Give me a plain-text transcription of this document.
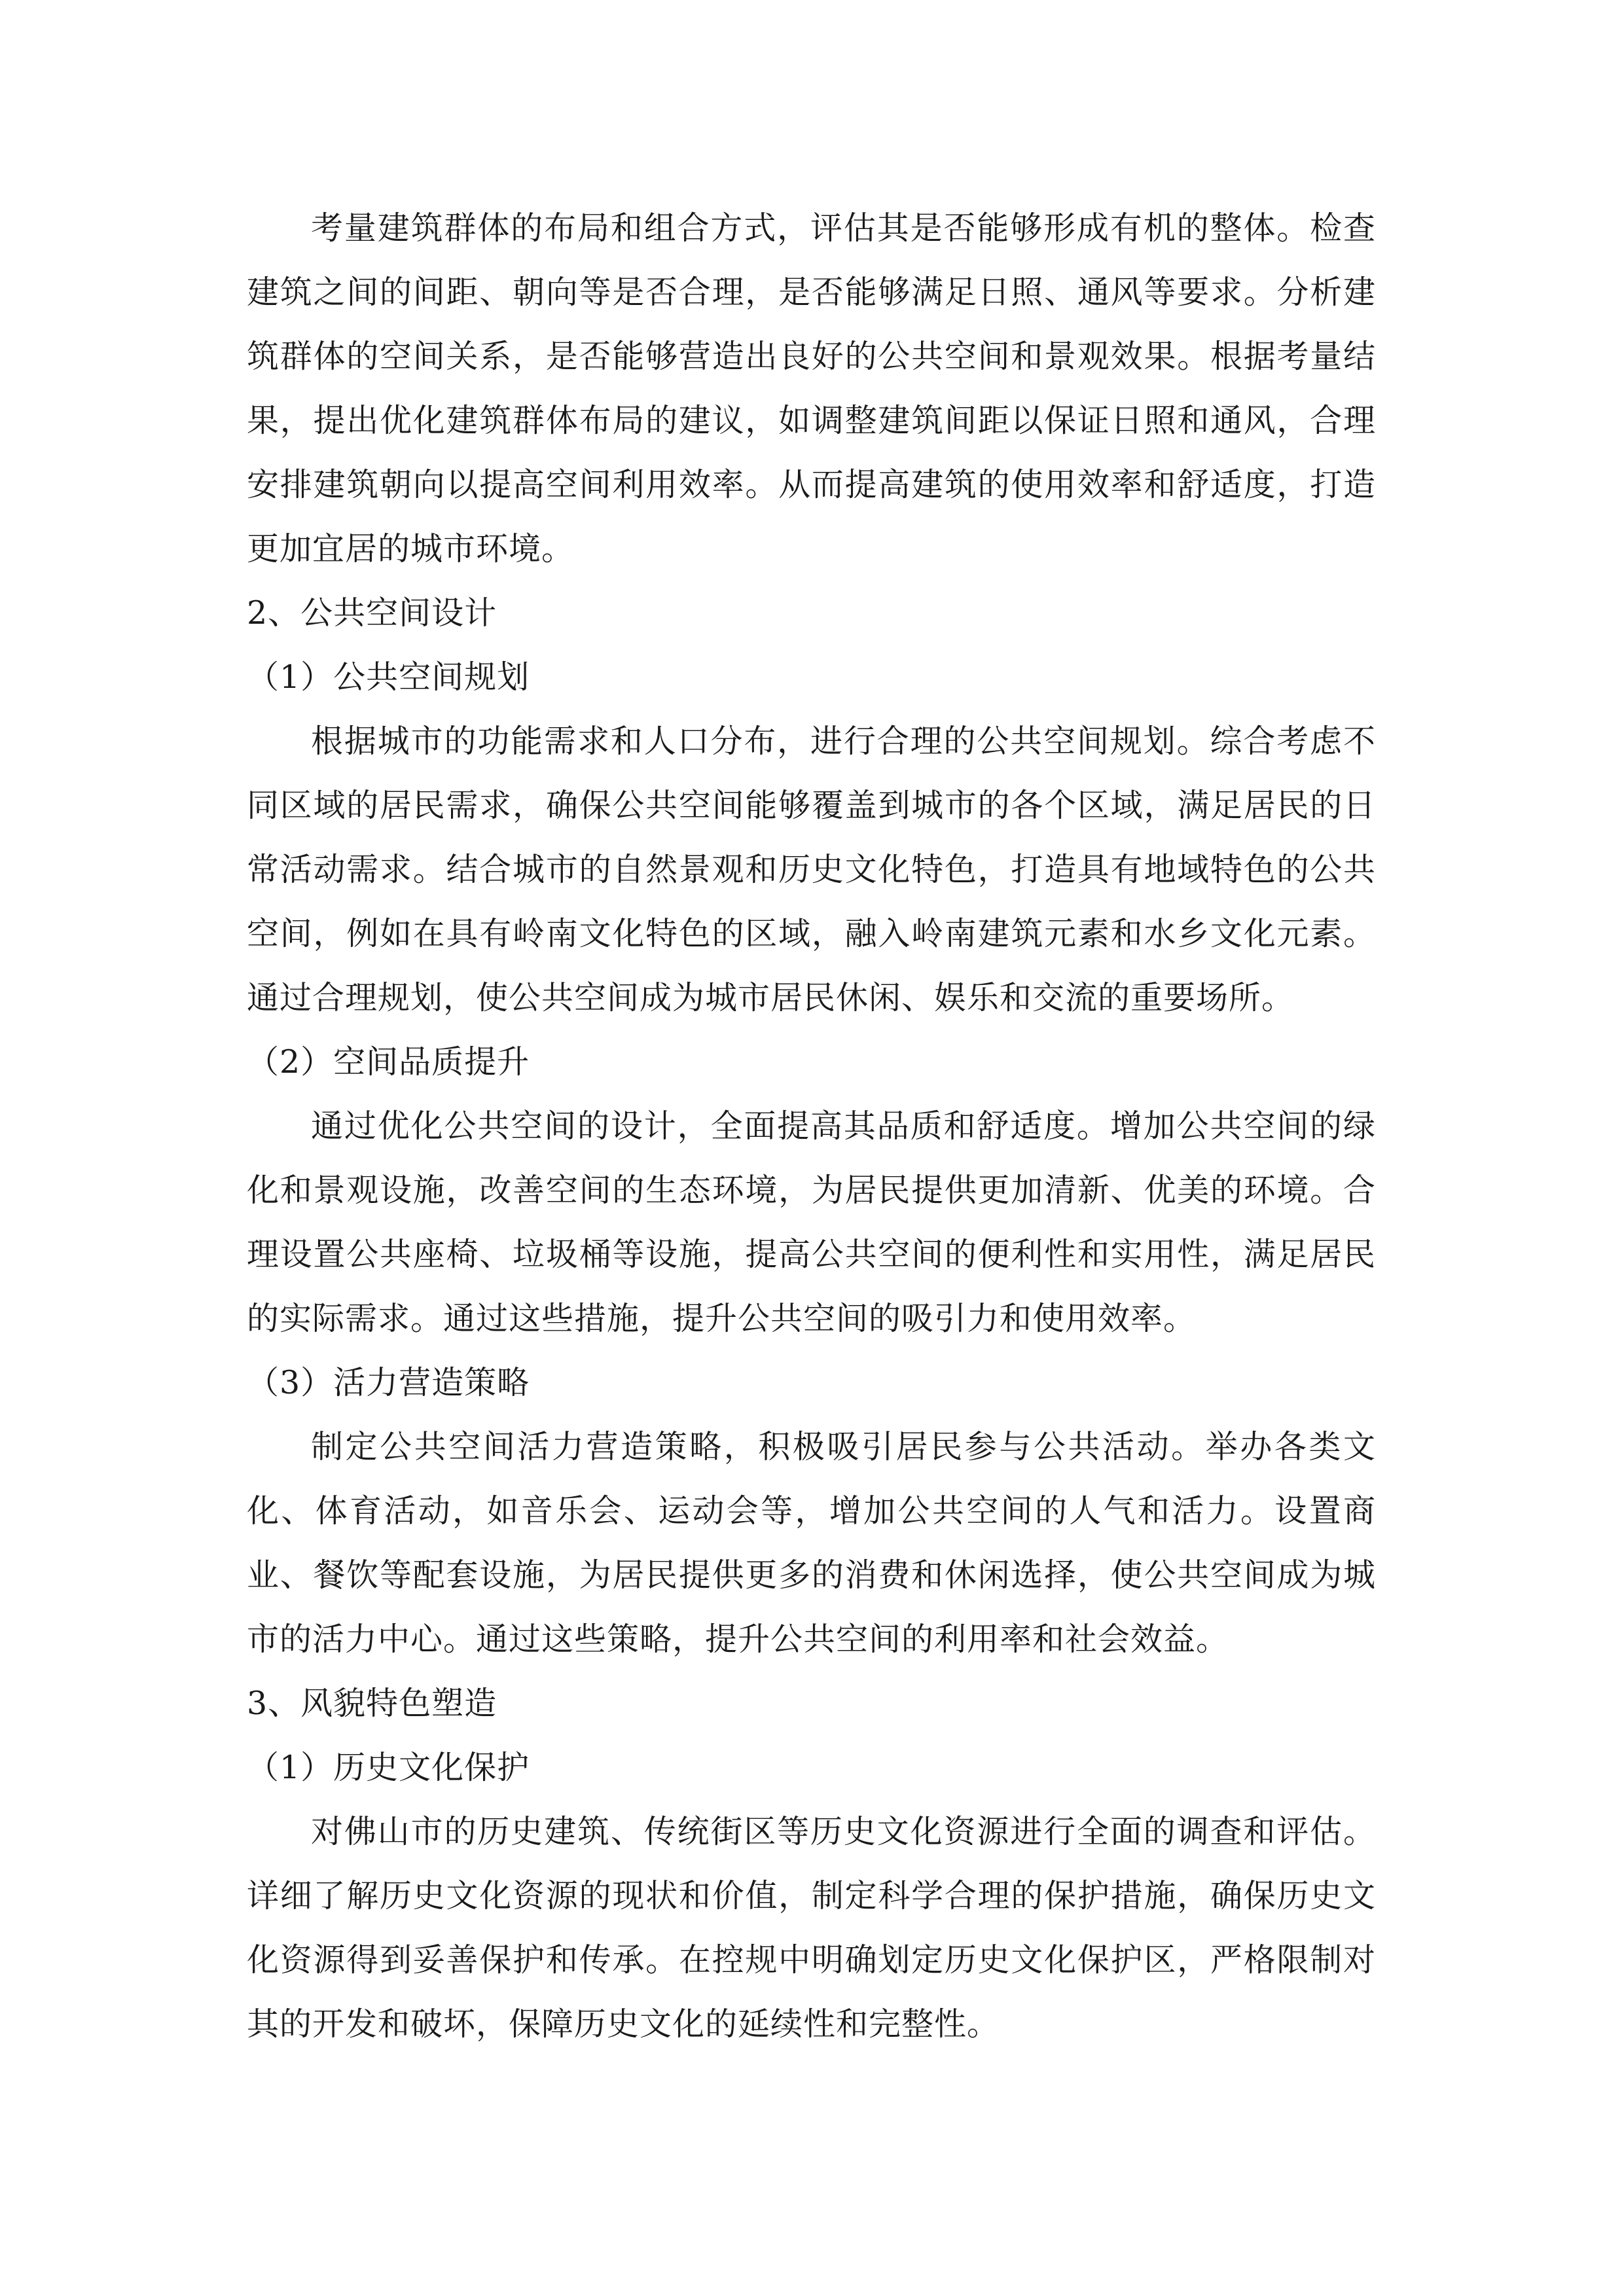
考量建筑群体的布局和组合方式，评估其是否能够形成有机的整体。检查建筑之间的间距、朝向等是否合理，是否能够满足日照、通风等要求。分析建筑群体的空间关系，是否能够营造出良好的公共空间和景观效果。根据考量结果，提出优化建筑群体布局的建议，如调整建筑间距以保证日照和通风，合理安排建筑朝向以提高空间利用效率。从而提高建筑的使用效率和舒适度，打造更加宜居的城市环境。

2、公共空间设计

（1）公共空间规划

根据城市的功能需求和人口分布，进行合理的公共空间规划。综合考虑不同区域的居民需求，确保公共空间能够覆盖到城市的各个区域，满足居民的日常活动需求。结合城市的自然景观和历史文化特色，打造具有地域特色的公共空间，例如在具有岭南文化特色的区域，融入岭南建筑元素和水乡文化元素。通过合理规划，使公共空间成为城市居民休闲、娱乐和交流的重要场所。

（2）空间品质提升

通过优化公共空间的设计，全面提高其品质和舒适度。增加公共空间的绿化和景观设施，改善空间的生态环境，为居民提供更加清新、优美的环境。合理设置公共座椅、垃圾桶等设施，提高公共空间的便利性和实用性，满足居民的实际需求。通过这些措施，提升公共空间的吸引力和使用效率。

（3）活力营造策略

制定公共空间活力营造策略，积极吸引居民参与公共活动。举办各类文化、体育活动，如音乐会、运动会等，增加公共空间的人气和活力。设置商业、餐饮等配套设施，为居民提供更多的消费和休闲选择，使公共空间成为城市的活力中心。通过这些策略，提升公共空间的利用率和社会效益。

3、风貌特色塑造

（1）历史文化保护

对佛山市的历史建筑、传统街区等历史文化资源进行全面的调查和评估。详细了解历史文化资源的现状和价值，制定科学合理的保护措施，确保历史文化资源得到妥善保护和传承。在控规中明确划定历史文化保护区，严格限制对其的开发和破坏，保障历史文化的延续性和完整性。
